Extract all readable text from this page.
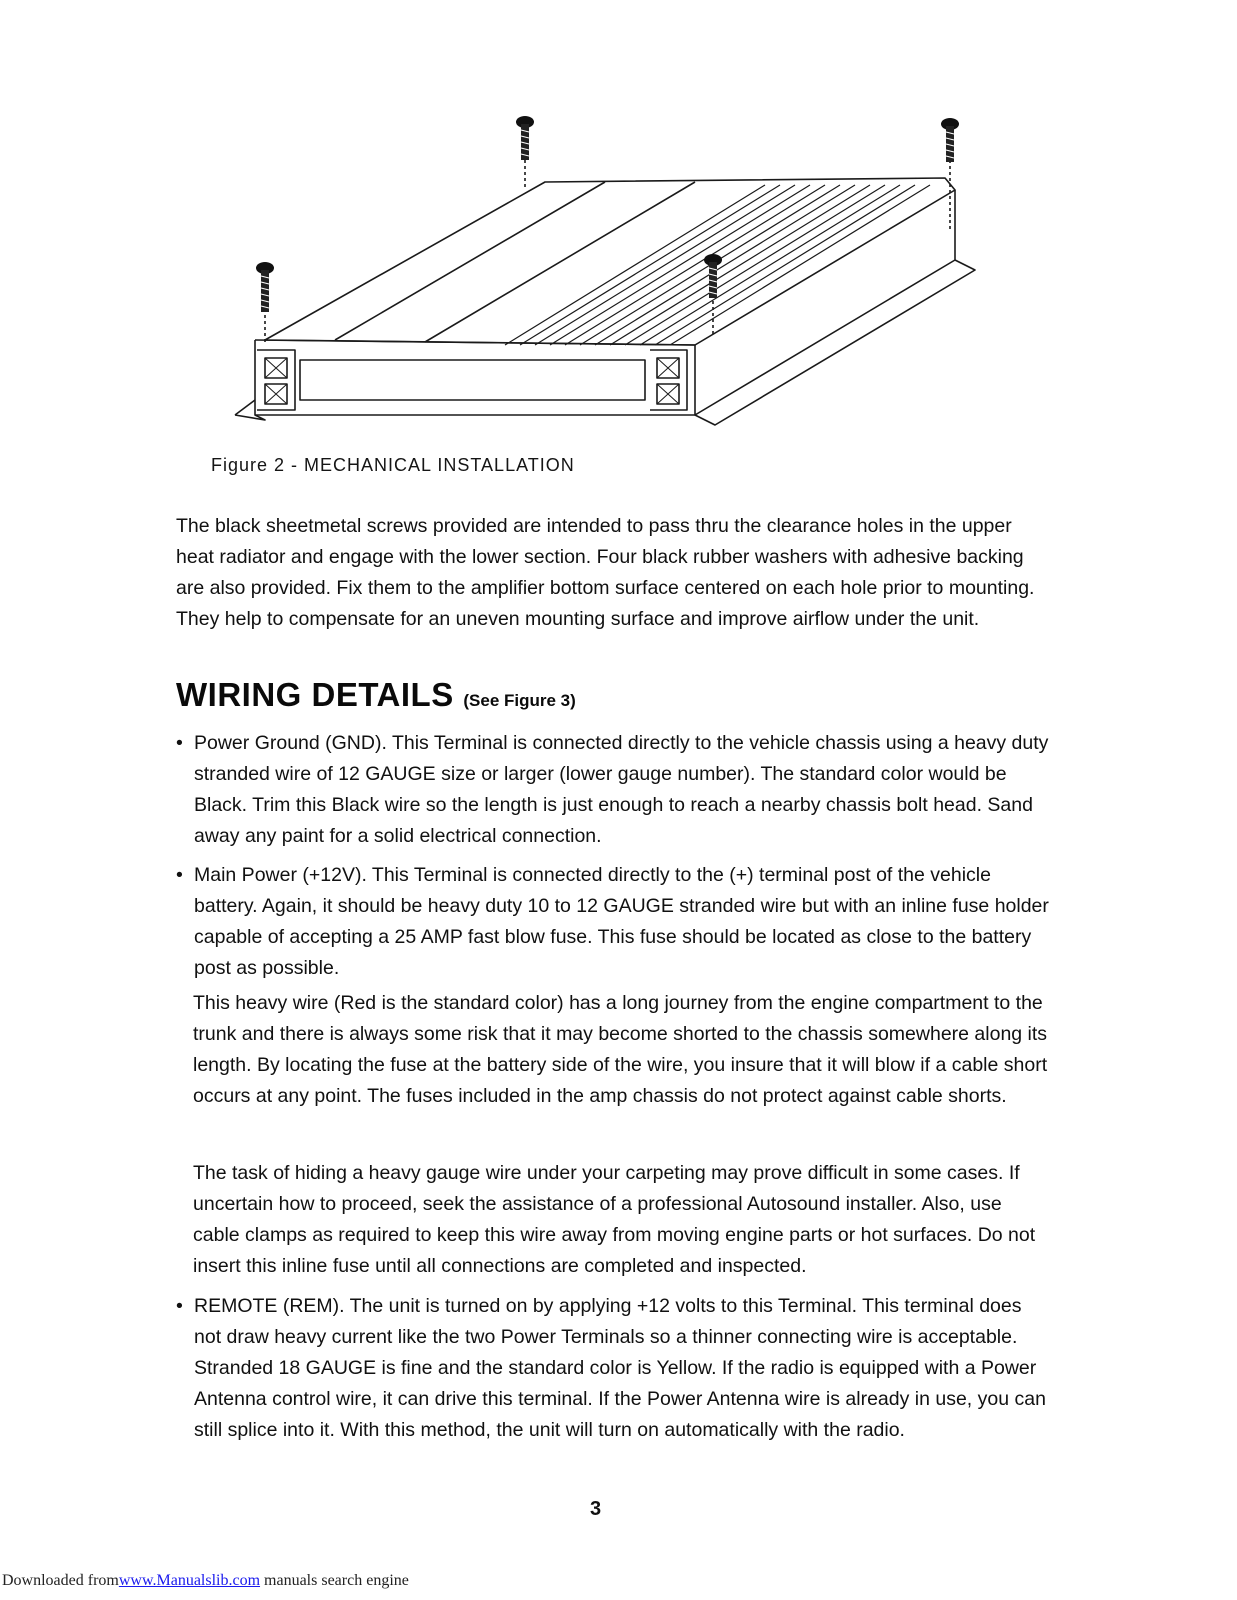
Figure 2 - MECHANICAL INSTALLATION
The black sheetmetal screws provided are intended to pass thru the clearance holes in the upper heat radiator and engage with the lower section. Four black rubber washers with adhesive backing are also provided. Fix them to the amplifier bottom surface centered on each hole prior to mounting. They help to compensate for an uneven mounting surface and improve airflow under the unit.
WIRING DETAILS (See Figure 3)
• Power Ground (GND). This Terminal is connected directly to the vehicle chassis using a heavy duty stranded wire of 12 GAUGE size or larger (lower gauge number). The standard color would be Black. Trim this Black wire so the length is just enough to reach a nearby chassis bolt head. Sand away any paint for a solid electrical connection.
• Main Power (+12V). This Terminal is connected directly to the (+) terminal post of the vehicle battery. Again, it should be heavy duty 10 to 12 GAUGE stranded wire but with an inline fuse holder capable of accepting a 25 AMP fast blow fuse. This fuse should be located as close to the battery post as possible.
This heavy wire (Red is the standard color) has a long journey from the engine compartment to the trunk and there is always some risk that it may become shorted to the chassis somewhere along its length. By locating the fuse at the battery side of the wire, you insure that it will blow if a cable short occurs at any point. The fuses included in the amp chassis do not protect against cable shorts.
The task of hiding a heavy gauge wire under your carpeting may prove difficult in some cases. If uncertain how to proceed, seek the assistance of a professional Autosound installer. Also, use cable clamps as required to keep this wire away from moving engine parts or hot surfaces. Do not insert this inline fuse until all connections are completed and inspected.
• REMOTE (REM). The unit is turned on by applying +12 volts to this Terminal. This terminal does not draw heavy current like the two Power Terminals so a thinner connecting wire is acceptable. Stranded 18 GAUGE is fine and the standard color is Yellow. If the radio is equipped with a Power Antenna control wire, it can drive this terminal. If the Power Antenna wire is already in use, you can still splice into it. With this method, the unit will turn on automatically with the radio.
3
Downloaded fromwww.Manualslib.com manuals search engine
